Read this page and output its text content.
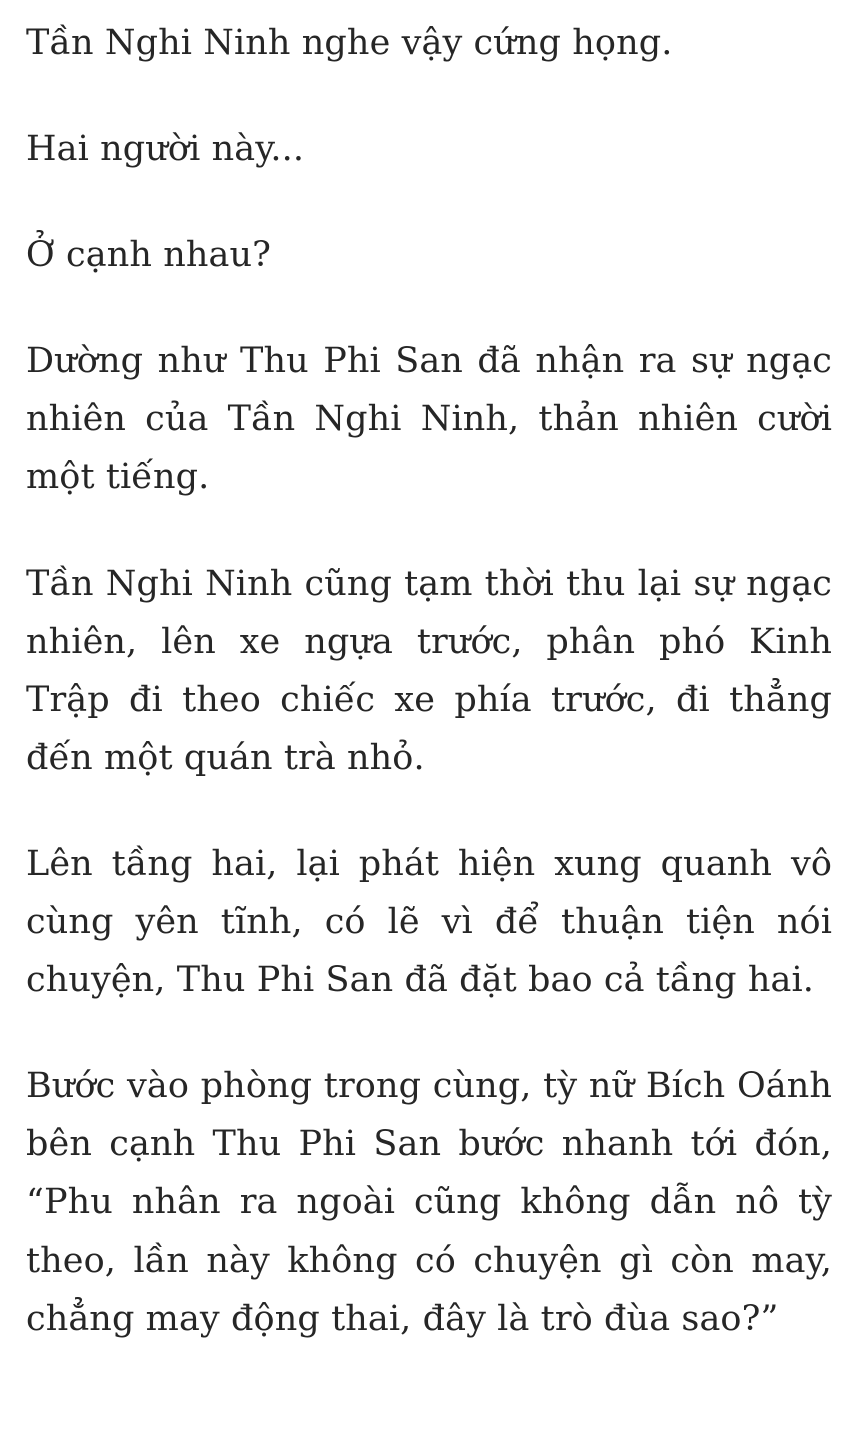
Tần Nghi Ninh nghe vậy cứng họng.

Hai người này...

Ở cạnh nhau?

Dường như Thu Phi San đã nhận ra sự ngạc nhiên của Tần Nghi Ninh, thản nhiên cười một tiếng.

Tần Nghi Ninh cũng tạm thời thu lại sự ngạc nhiên, lên xe ngựa trước, phân phó Kinh Trập đi theo chiếc xe phía trước, đi thẳng đến một quán trà nhỏ.

Lên tầng hai, lại phát hiện xung quanh vô cùng yên tĩnh, có lẽ vì để thuận tiện nói chuyện, Thu Phi San đã đặt bao cả tầng hai.

Bước vào phòng trong cùng, tỳ nữ Bích Oánh bên cạnh Thu Phi San bước nhanh tới đón, “Phu nhân ra ngoài cũng không dẫn nô tỳ theo, lần này không có chuyện gì còn may, chẳng may động thai, đây là trò đùa sao?”
